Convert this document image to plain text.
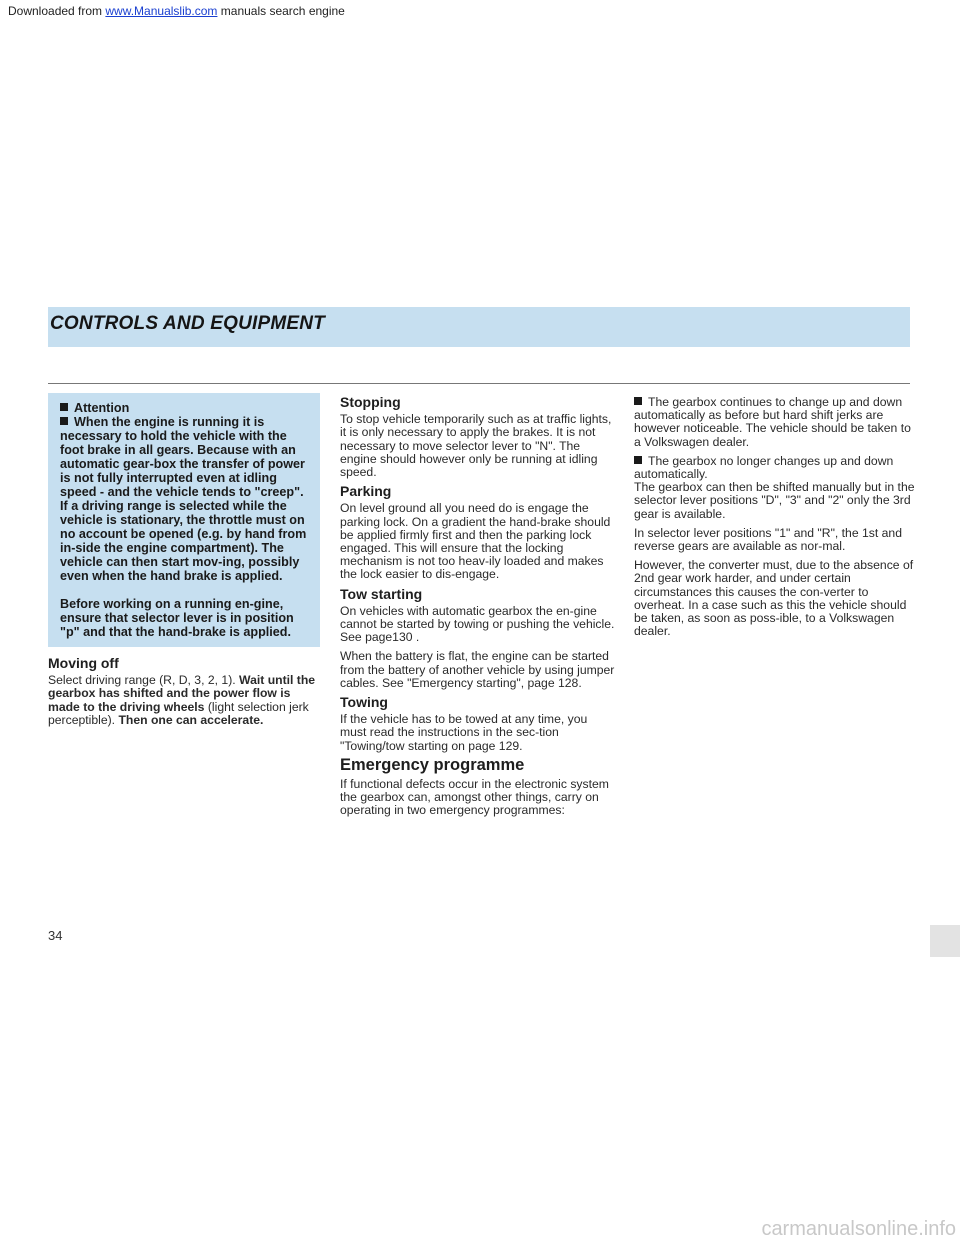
Downloaded from www.Manualslib.com manuals search engine
CONTROLS AND EQUIPMENT

Attention

When the engine is running it is necessary to hold the vehicle with the foot brake in all gears. Because with an automatic gear-box the transfer of power is not fully interrupted even at idling speed - and the vehicle tends to "creep".

If a driving range is selected while the vehicle is stationary, the throttle must on no account be opened (e.g. by hand from in-side the engine compartment). The vehicle can then start mov-ing, possibly even when the hand brake is applied.

Before working on a running en-gine, ensure that selector lever is in position "p" and that the hand-brake is applied.

Moving off

Select driving range (R, D, 3, 2, 1). Wait until the gearbox has shifted and the power flow is made to the driving wheels (light selection jerk perceptible). Then one can accelerate.

Stopping

To stop vehicle temporarily such as at traffic lights, it is only necessary to apply the brakes. It is not necessary to move selector lever to "N". The engine should however only be running at idling speed.

Parking

On level ground all you need do is engage the parking lock. On a gradient the hand-brake should be applied firmly first and then the parking lock engaged. This will ensure that the locking mechanism is not too heav-ily loaded and makes the lock easier to dis-engage.

Tow starting

On vehicles with automatic gearbox the en-gine cannot be started by towing or pushing the vehicle. See page130 .

When the battery is flat, the engine can be started from the battery of another vehicle by using jumper cables. See "Emergency starting", page 128.

Towing

If the vehicle has to be towed at any time, you must read the instructions in the sec-tion "Towing/tow starting on page 129.

Emergency programme

If functional defects occur in the electronic system the gearbox can, amongst other things, carry on operating in two emergency programmes:

The gearbox continues to change up and down automatically as before but hard shift jerks are however noticeable. The vehicle should be taken to a Volkswagen dealer.

The gearbox no longer changes up and down automatically.

The gearbox can then be shifted manually but in the selector lever positions "D", "3" and "2" only the 3rd gear is available.

In selector lever positions "1" and "R", the 1st and reverse gears are available as nor-mal.

However, the converter must, due to the absence of 2nd gear work harder, and under certain circumstances this causes the con-verter to overheat. In a case such as this the vehicle should be taken, as soon as poss-ible, to a Volkswagen dealer.

34
carmanualsonline.info
